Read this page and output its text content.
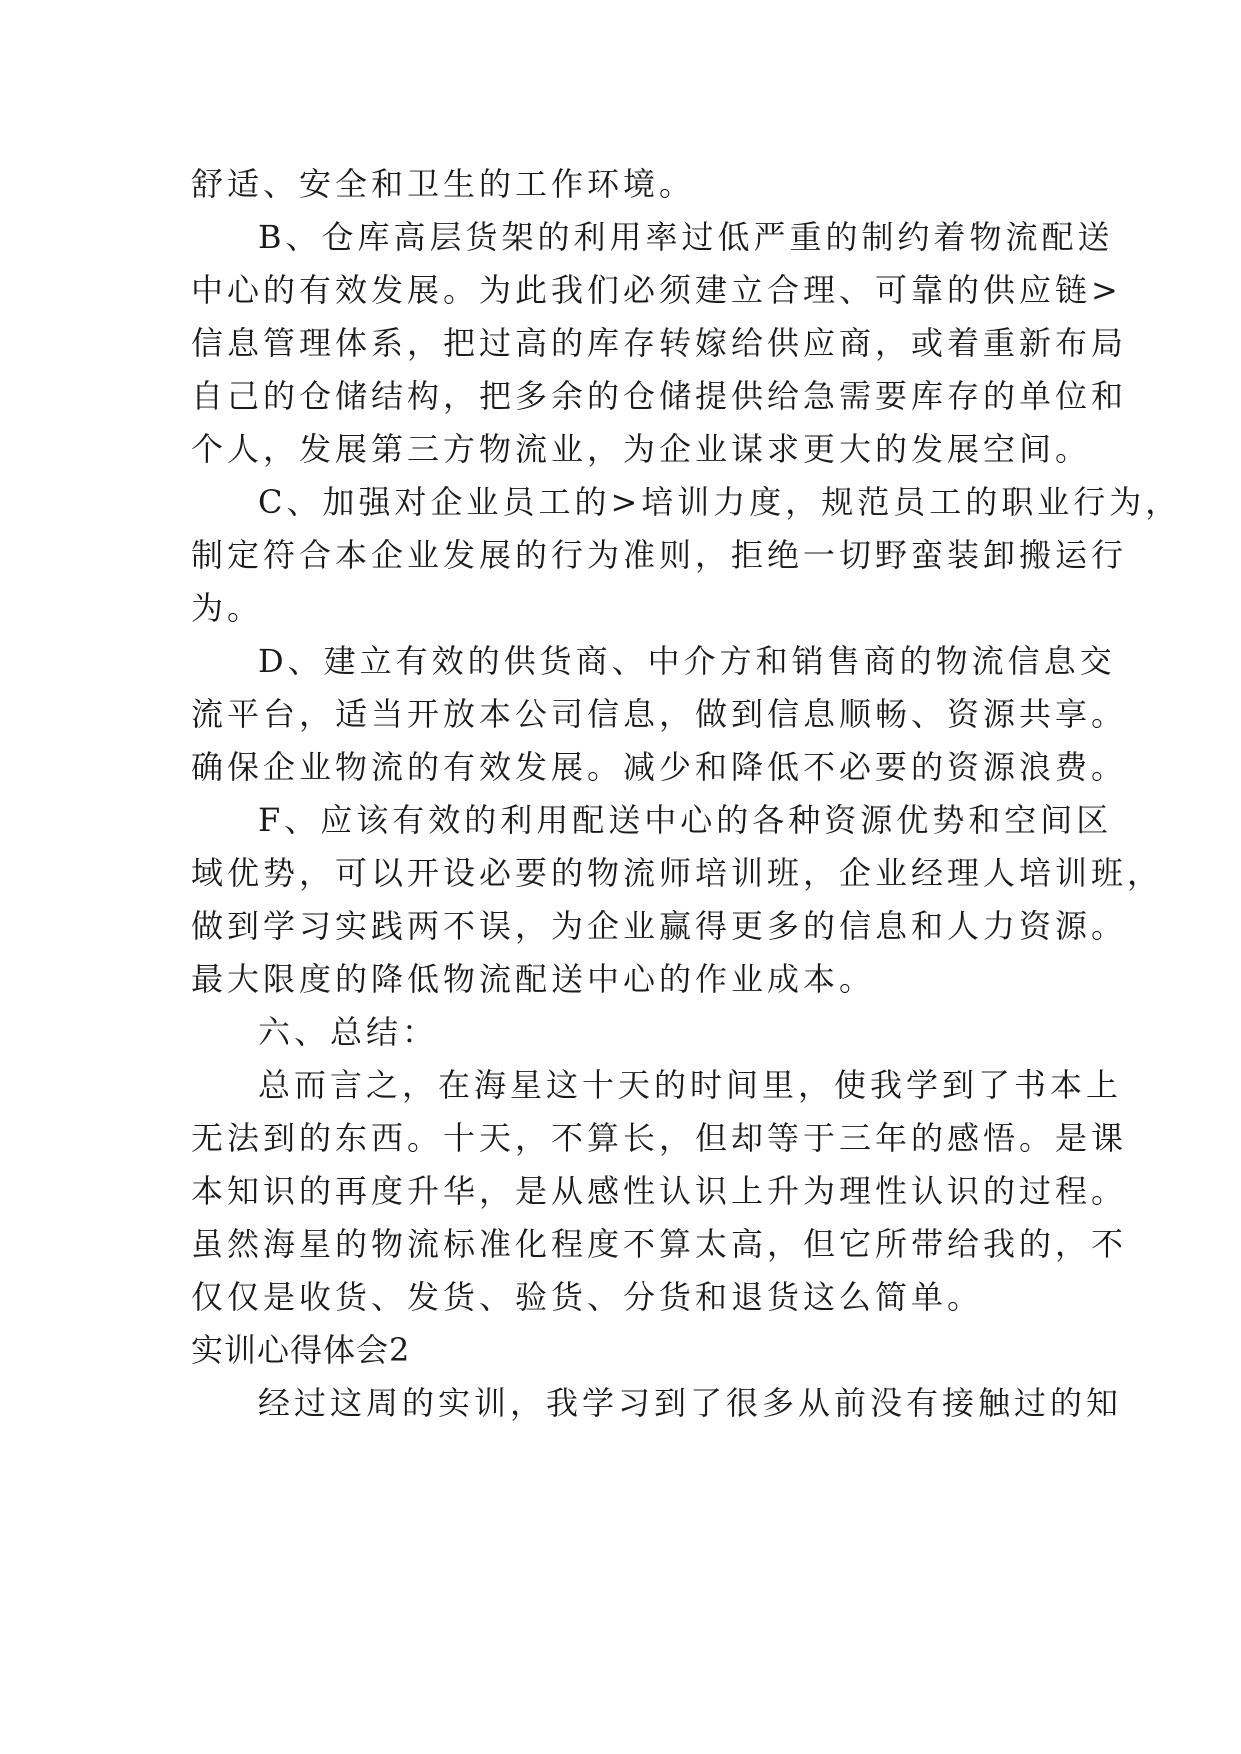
舒适、安全和卫生的工作环境。
B、仓库高层货架的利用率过低严重的制约着物流配送
中心的有效发展。为此我们必须建立合理、可靠的供应链>
信息管理体系，把过高的库存转嫁给供应商，或着重新布局
自己的仓储结构，把多余的仓储提供给急需要库存的单位和
个人，发展第三方物流业，为企业谋求更大的发展空间。
C、加强对企业员工的>培训力度，规范员工的职业行为，
制定符合本企业发展的行为准则，拒绝一切野蛮装卸搬运行
为。
D、建立有效的供货商、中介方和销售商的物流信息交
流平台，适当开放本公司信息，做到信息顺畅、资源共享。
确保企业物流的有效发展。减少和降低不必要的资源浪费。
F、应该有效的利用配送中心的各种资源优势和空间区
域优势，可以开设必要的物流师培训班，企业经理人培训班，
做到学习实践两不误，为企业赢得更多的信息和人力资源。
最大限度的降低物流配送中心的作业成本。
六、总结：
总而言之，在海星这十天的时间里，使我学到了书本上
无法到的东西。十天，不算长，但却等于三年的感悟。是课
本知识的再度升华，是从感性认识上升为理性认识的过程。
虽然海星的物流标准化程度不算太高，但它所带给我的，不
仅仅是收货、发货、验货、分货和退货这么简单。
实训心得体会2
经过这周的实训，我学习到了很多从前没有接触过的知
